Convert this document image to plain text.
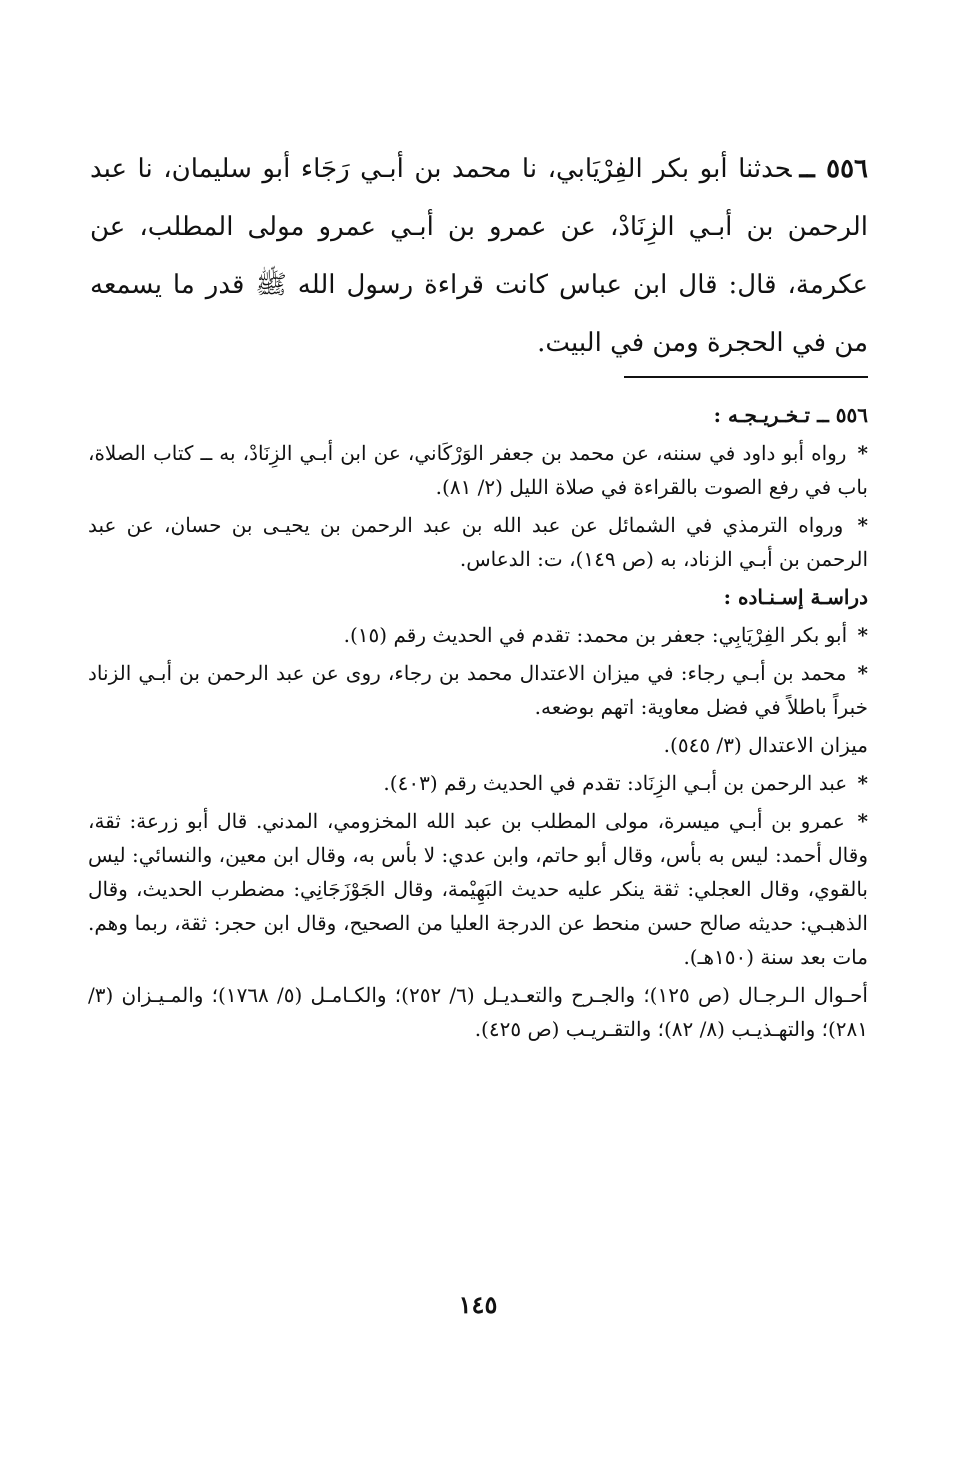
٥٥٦ ــحدثنا أبو بكر الفِرْيَابي، نا محمد بن أبـي رَجَاء أبو سليمان، نا عبد الرحمن بن أبـي الزِنَادْ، عن عمرو بن أبـي عمرو مولى المطلب، عن عكرمة، قال: قال ابن عباس كانت قراءة رسول الله ﷺ قدر ما يسمعه من في الحجرة ومن في البيت.

٥٥٦ ــ تـخـريـجـه :

* رواه أبو داود في سننه، عن محمد بن جعفر الوَرْكَاني، عن ابن أبـي الزِنَادْ، به ــ كتاب الصلاة، باب في رفع الصوت بالقراءة في صلاة الليل (٢/ ٨١).

* ورواه الترمذي في الشمائل عن عبد الله بن عبد الرحمن بن يحيـى بن حسان، عن عبد الرحمن بن أبـي الزناد، به (ص ١٤٩)، ت: الدعاس.

دراسـة إسـنـاده :

* أبو بكر الفِرْيَابِي: جعفر بن محمد: تقدم في الحديث رقم (١٥).

* محمد بن أبـي رجاء: في ميزان الاعتدال محمد بن رجاء، روى عن عبد الرحمن بن أبـي الزناد خبراً باطلاً في فضل معاوية: اتهم بوضعه.

ميزان الاعتدال (٣/ ٥٤٥).

* عبد الرحمن بن أبـي الزِنَاد: تقدم في الحديث رقم (٤٠٣).

* عمرو بن أبـي ميسرة، مولى المطلب بن عبد الله المخزومي، المدني. قال أبو زرعة: ثقة، وقال أحمد: ليس به بأس، وقال أبو حاتم، وابن عدي: لا بأس به، وقال ابن معين، والنسائي: ليس بالقوي، وقال العجلي: ثقة ينكر عليه حديث البَهِيْمة، وقال الجَوْزَجَانِي: مضطرب الحديث، وقال الذهبـي: حديثه صالح حسن منحط عن الدرجة العليا من الصحيح، وقال ابن حجر: ثقة، ربما وهم. مات بعد سنة (١٥٠هـ).

أحـوال الـرجـال (ص ١٢٥)؛ والجـرح والتعـديـل (٦/ ٢٥٢)؛ والكـامـل (٥/ ١٧٦٨)؛ والمـيـزان (٣/ ٢٨١)؛ والتهـذيـب (٨/ ٨٢)؛ والتقـريـب (ص ٤٢٥).

١٤٥
